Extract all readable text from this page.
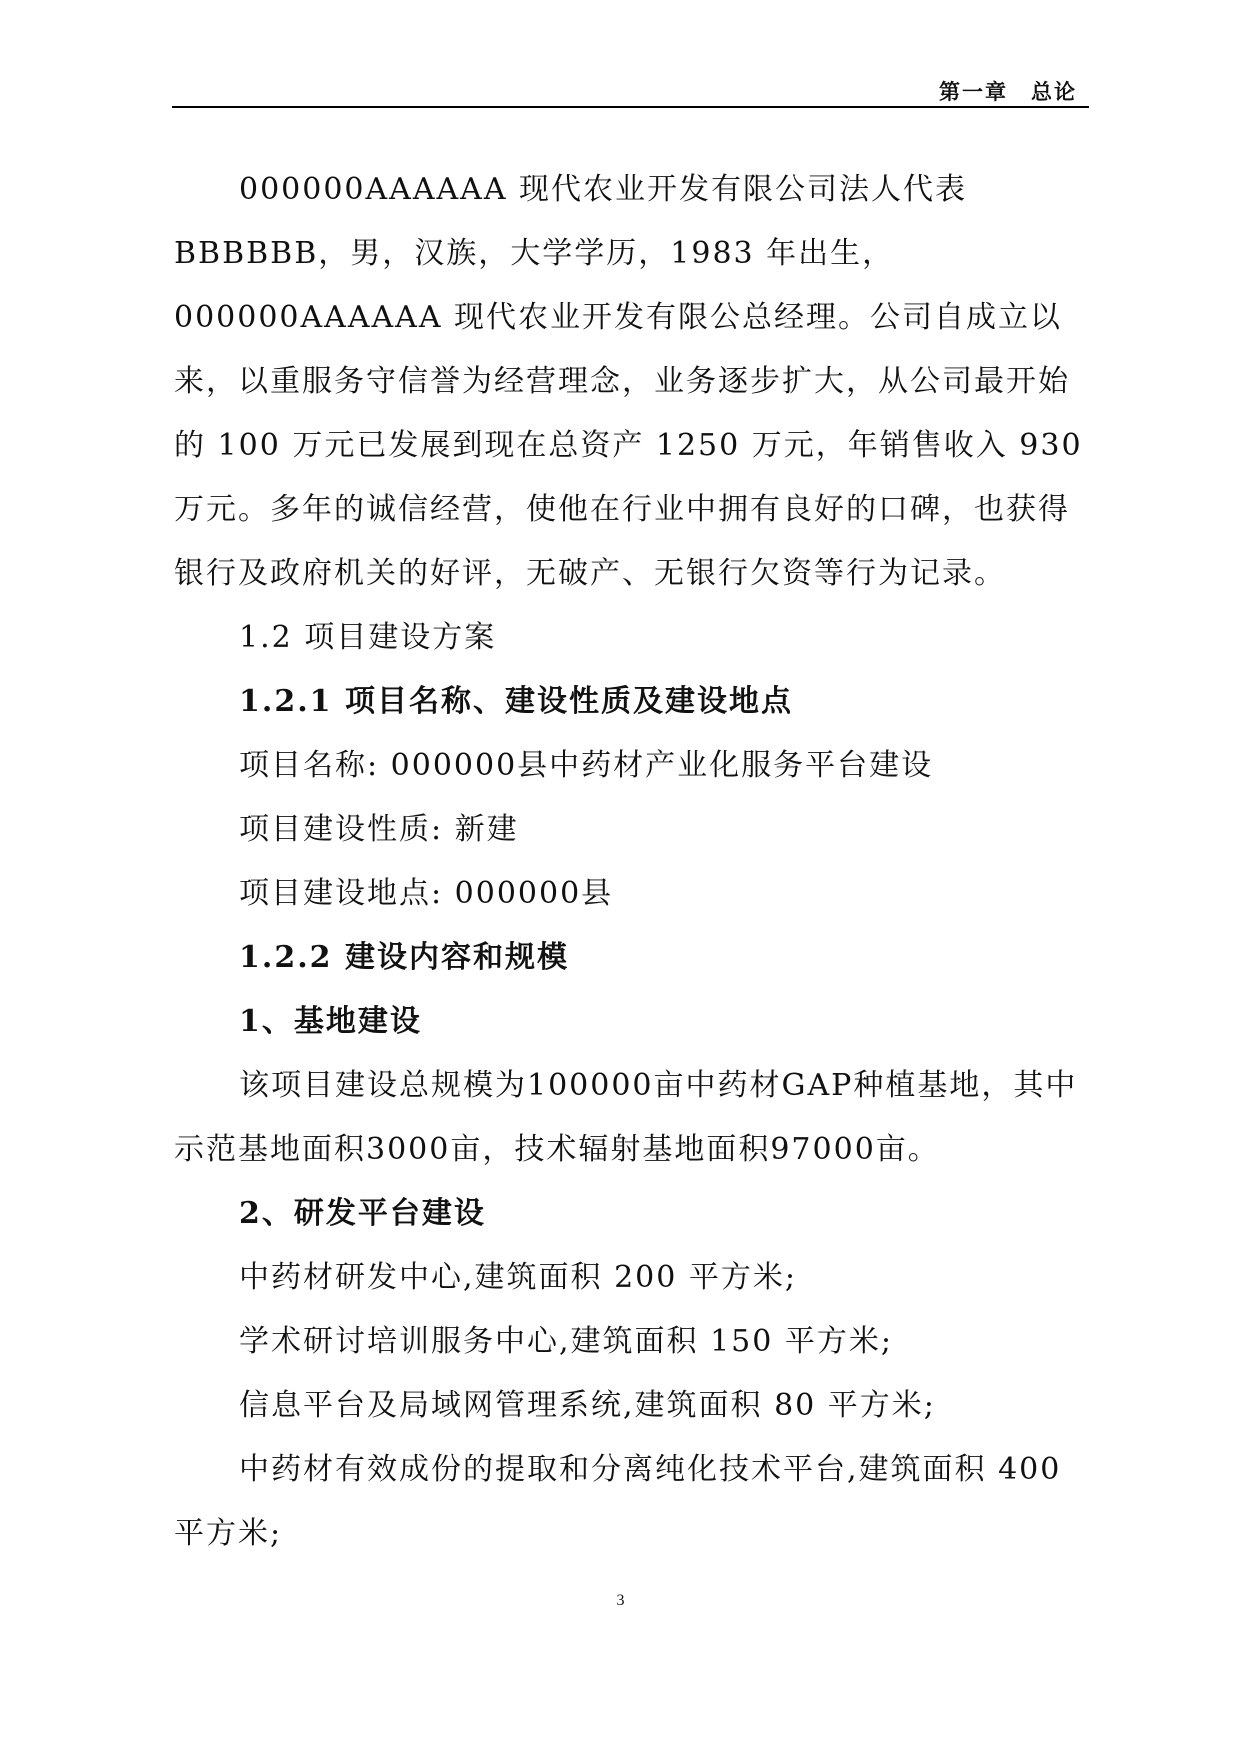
第一章　总论

000000AAAAAA 现代农业开发有限公司法人代表 BBBBBB，男，汉族，大学学历，1983 年出生，000000AAAAAA 现代农业开发有限公总经理。公司自成立以来，以重服务守信誉为经营理念，业务逐步扩大，从公司最开始的 100 万元已发展到现在总资产 1250 万元，年销售收入 930 万元。多年的诚信经营，使他在行业中拥有良好的口碑，也获得银行及政府机关的好评，无破产、无银行欠资等行为记录。

1.2 项目建设方案

1.2.1 项目名称、建设性质及建设地点

项目名称: 000000县中药材产业化服务平台建设

项目建设性质: 新建

项目建设地点: 000000县

1.2.2 建设内容和规模

1、基地建设

该项目建设总规模为100000亩中药材GAP种植基地，其中示范基地面积3000亩，技术辐射基地面积97000亩。

2、研发平台建设

中药材研发中心,建筑面积 200 平方米;

学术研讨培训服务中心,建筑面积 150 平方米;

信息平台及局域网管理系统,建筑面积 80 平方米;

中药材有效成份的提取和分离纯化技术平台,建筑面积 400 平方米;

3
